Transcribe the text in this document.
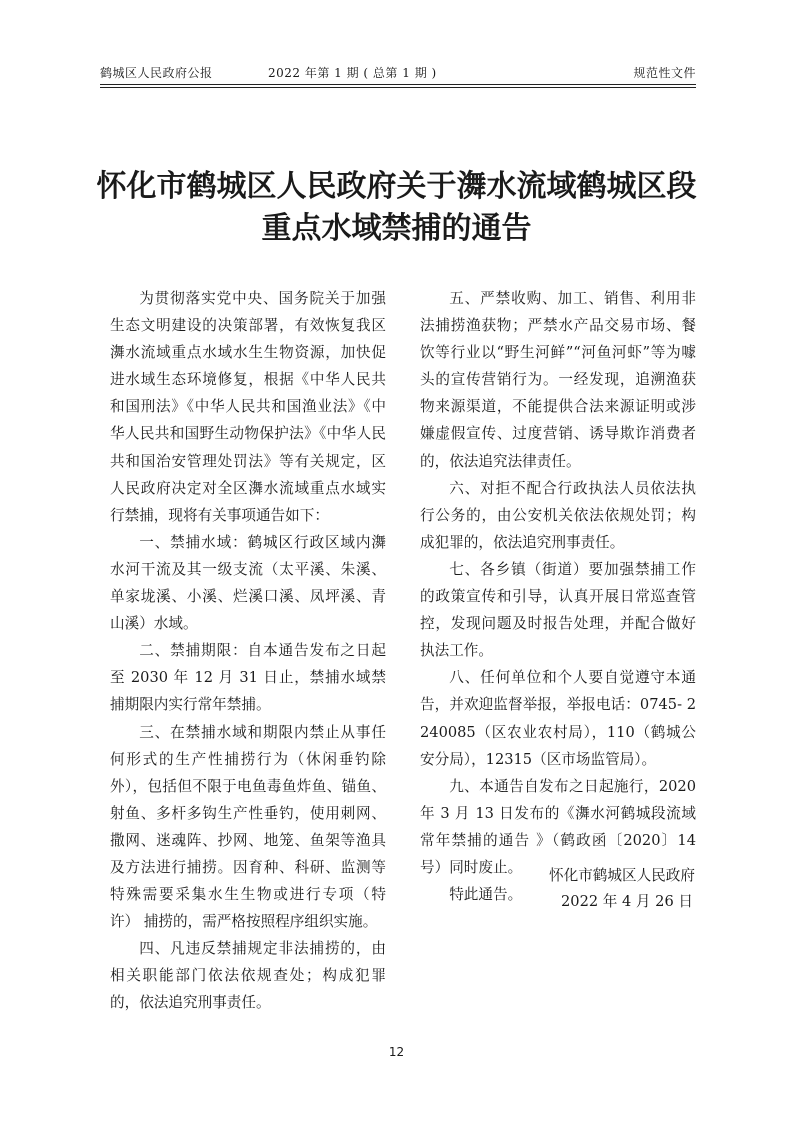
鹤城区人民政府公报	2022 年第 1 期 ( 总第 1 期 )	规范性文件
怀化市鹤城区人民政府关于㵲水流域鹤城区段
重点水域禁捕的通告

为贯彻落实党中央、国务院关于加强生态文明建设的决策部署，有效恢复我区㵲水流域重点水域水生生物资源，加快促进水域生态环境修复，根据《中华人民共和国刑法》《中华人民共和国渔业法》《中华人民共和国野生动物保护法》《中华人民共和国治安管理处罚法》等有关规定，区人民政府决定对全区㵲水流域重点水域实行禁捕，现将有关事项通告如下：

一、禁捕水域：鹤城区行政区域内㵲水河干流及其一级支流（太平溪、朱溪、单家垅溪、小溪、烂溪口溪、凤坪溪、青山溪）水域。

二、禁捕期限：自本通告发布之日起至 2030 年 12 月 31 日止，禁捕水域禁捕期限内实行常年禁捕。

三、在禁捕水域和期限内禁止从事任何形式的生产性捕捞行为（休闲垂钓除外），包括但不限于电鱼毒鱼炸鱼、锚鱼、射鱼、多杆多钩生产性垂钓，使用刺网、撒网、迷魂阵、抄网、地笼、鱼架等渔具及方法进行捕捞。因育种、科研、监测等特殊需要采集水生生物或进行专项（特许） 捕捞的，需严格按照程序组织实施。

四、凡违反禁捕规定非法捕捞的，由相关职能部门依法依规查处；构成犯罪的，依法追究刑事责任。

五、严禁收购、加工、销售、利用非法捕捞渔获物；严禁水产品交易市场、餐饮等行业以“野生河鲜”“河鱼河虾”等为噱头的宣传营销行为。一经发现，追溯渔获物来源渠道，不能提供合法来源证明或涉嫌虚假宣传、过度营销、诱导欺诈消费者的，依法追究法律责任。

六、对拒不配合行政执法人员依法执行公务的，由公安机关依法依规处罚；构成犯罪的，依法追究刑事责任。

七、各乡镇（街道）要加强禁捕工作的政策宣传和引导，认真开展日常巡查管控，发现问题及时报告处理，并配合做好执法工作。

八、任何单位和个人要自觉遵守本通告，并欢迎监督举报，举报电话：0745- 2240085（区农业农村局），110（鹤城公安分局），12315（区市场监管局）。

九、本通告自发布之日起施行，2020 年 3 月 13 日发布的《㵲水河鹤城段流域常年禁捕的通告 》（鹤政函〔2020〕14 号）同时废止。

特此通告。

怀化市鹤城区人民政府
2022 年 4 月 26 日
12
